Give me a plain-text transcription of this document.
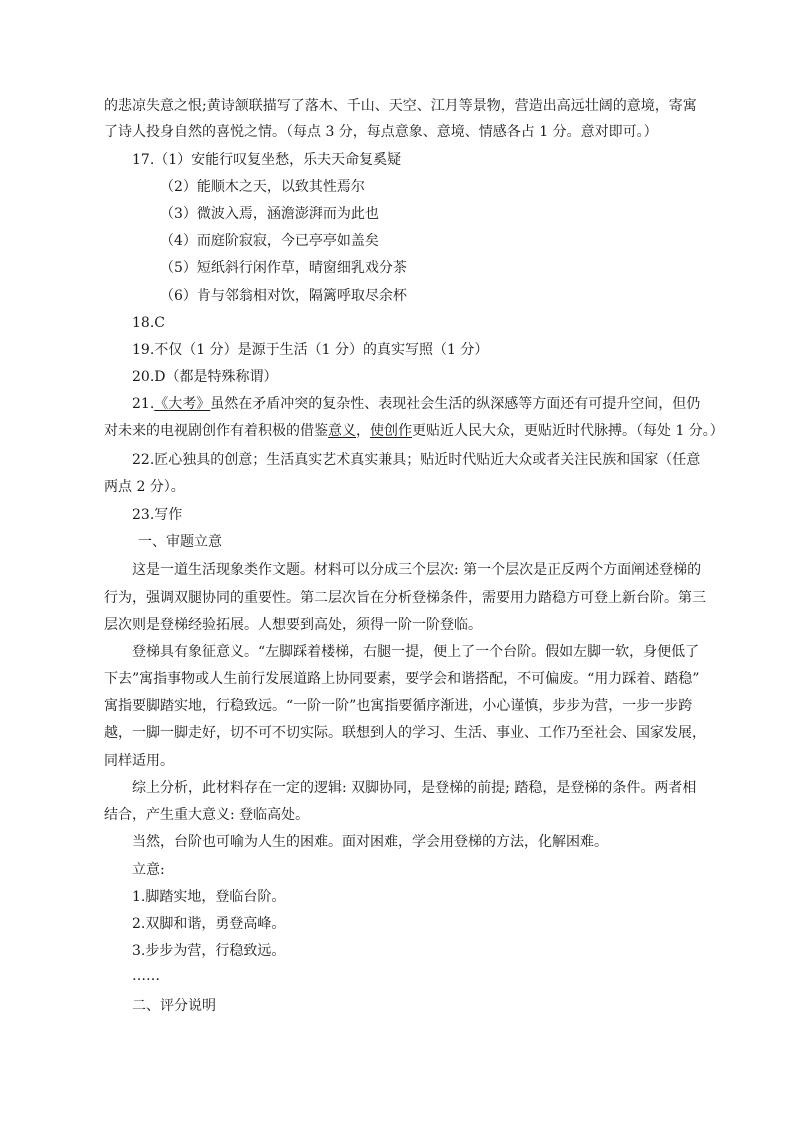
的悲凉失意之恨;黄诗颔联描写了落木、千山、天空、江月等景物，营造出高远壮阔的意境，寄寓
了诗人投身自然的喜悦之情。（每点 3 分，每点意象、意境、情感各占 1 分。意对即可。）
17.（1）安能行叹复坐愁，乐夫天命复奚疑
（2）能顺木之天，以致其性焉尔
（3）微波入焉，涵澹澎湃而为此也
（4）而庭阶寂寂，今已亭亭如盖矣
（5）短纸斜行闲作草，晴窗细乳戏分茶
（6）肯与邻翁相对饮，隔篱呼取尽余杯
18.C
19.不仅（1 分）是源于生活（1 分）的真实写照（1 分）
20.D（都是特殊称谓）
21.《大考》虽然在矛盾冲突的复杂性、表现社会生活的纵深感等方面还有可提升空间，但仍
对未来的电视剧创作有着积极的借鉴意义，使创作更贴近人民大众，更贴近时代脉搏。（每处 1 分。）
22.匠心独具的创意；生活真实艺术真实兼具；贴近时代贴近大众或者关注民族和国家（任意
两点 2 分）。
23.写作
一、审题立意
这是一道生活现象类作文题。材料可以分成三个层次: 第一个层次是正反两个方面阐述登梯的
行为，强调双腿协同的重要性。第二层次旨在分析登梯条件，需要用力踏稳方可登上新台阶。第三
层次则是登梯经验拓展。人想要到高处，须得一阶一阶登临。
登梯具有象征意义。“左脚踩着楼梯，右腿一提，便上了一个台阶。假如左脚一软，身便低了
下去”寓指事物或人生前行发展道路上协同要素，要学会和谐搭配，不可偏废。“用力踩着、踏稳”
寓指要脚踏实地，行稳致远。“一阶一阶”也寓指要循序渐进，小心谨慎，步步为营，一步一步跨
越，一脚一脚走好，切不可不切实际。联想到人的学习、生活、事业、工作乃至社会、国家发展，
同样适用。
综上分析，此材料存在一定的逻辑: 双脚协同，是登梯的前提; 踏稳，是登梯的条件。两者相
结合，产生重大意义: 登临高处。
当然，台阶也可喻为人生的困难。面对困难，学会用登梯的方法，化解困难。
立意:
1.脚踏实地，登临台阶。
2.双脚和谐，勇登高峰。
3.步步为营，行稳致远。
……
二、评分说明
